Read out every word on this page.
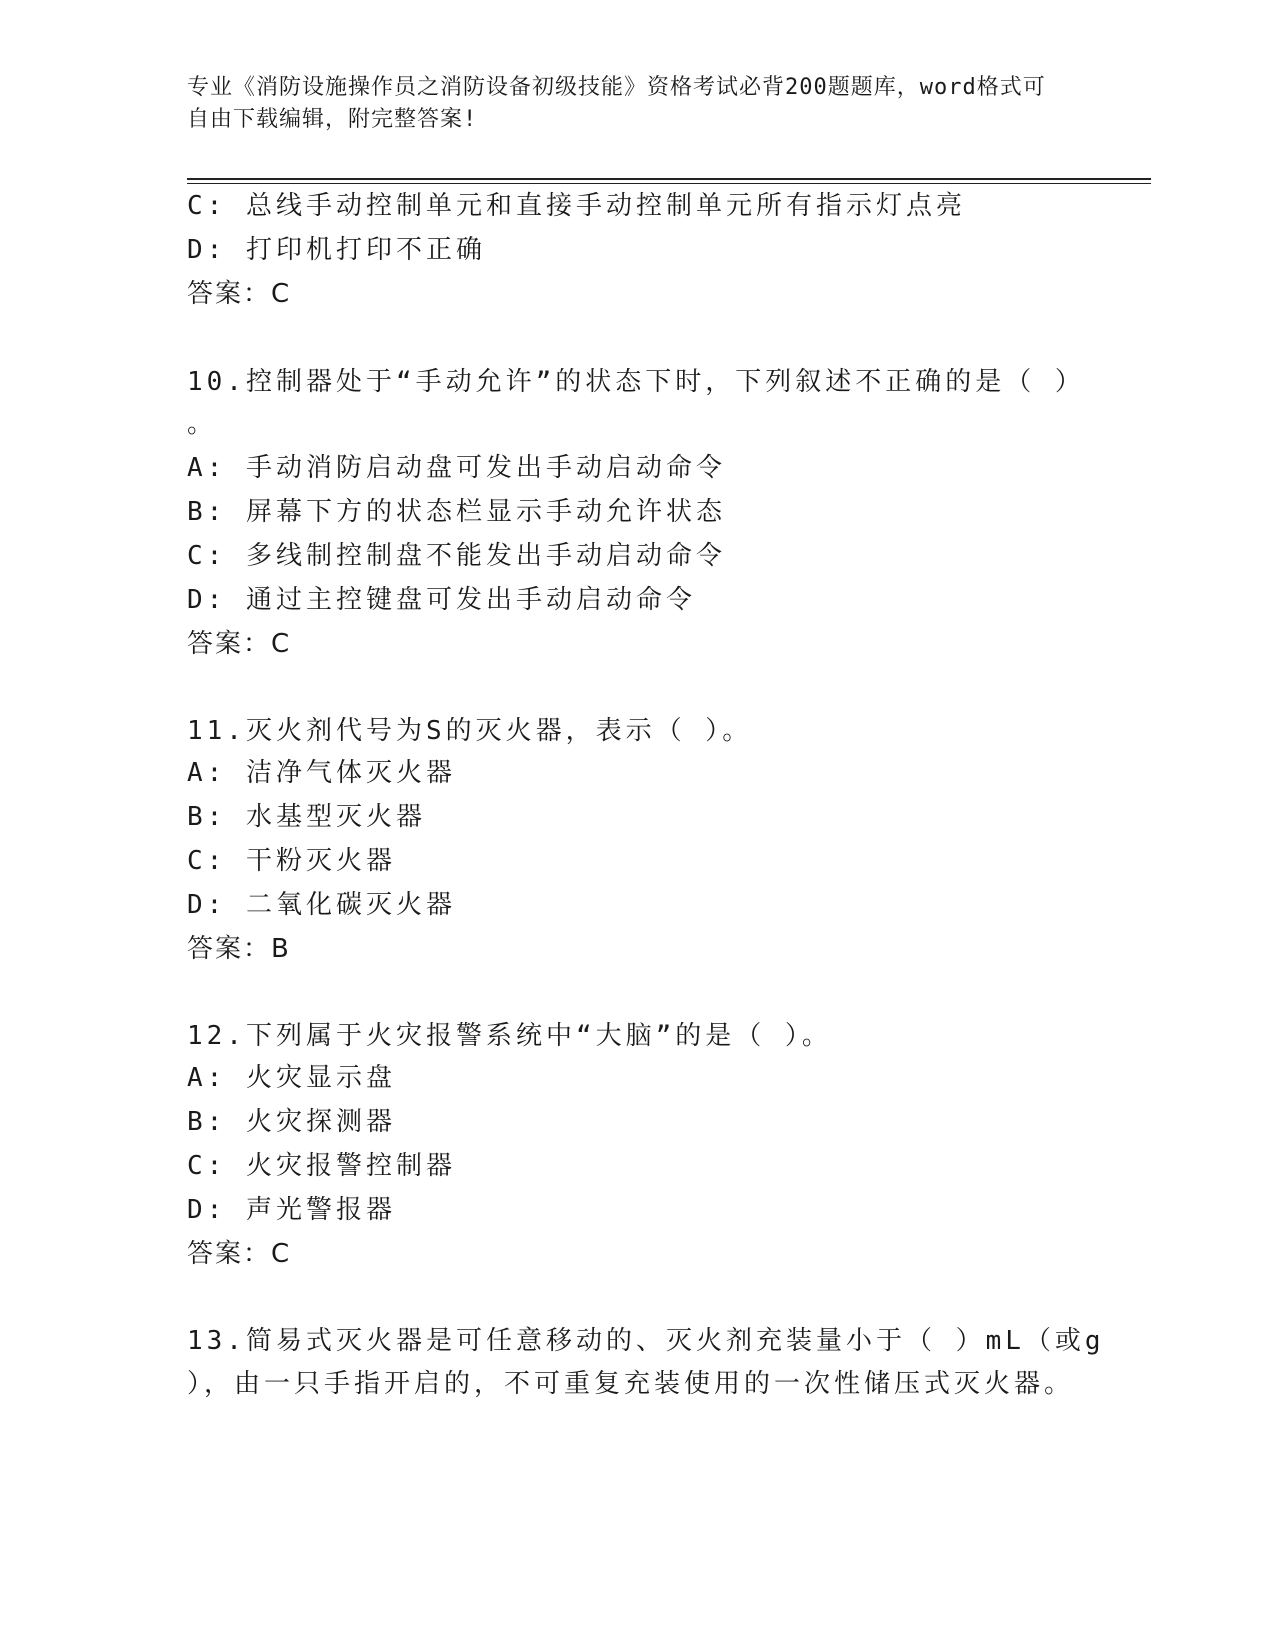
专业《消防设施操作员之消防设备初级技能》资格考试必背200题题库，word格式可自由下载编辑，附完整答案!
C: 总线手动控制单元和直接手动控制单元所有指示灯点亮
D: 打印机打印不正确
答案：C
10.控制器处于“手动允许”的状态下时，下列叙述不正确的是（ ）
。
A: 手动消防启动盘可发出手动启动命令
B: 屏幕下方的状态栏显示手动允许状态
C: 多线制控制盘不能发出手动启动命令
D: 通过主控键盘可发出手动启动命令
答案：C
11.灭火剂代号为S的灭火器，表示（ ）。
A: 洁净气体灭火器
B: 水基型灭火器
C: 干粉灭火器
D: 二氧化碳灭火器
答案：B
12.下列属于火灾报警系统中“大脑”的是（ ）。
A: 火灾显示盘
B: 火灾探测器
C: 火灾报警控制器
D: 声光警报器
答案：C
13.简易式灭火器是可任意移动的、灭火剂充装量小于（ ）mL（或g
），由一只手指开启的，不可重复充装使用的一次性储压式灭火器。
